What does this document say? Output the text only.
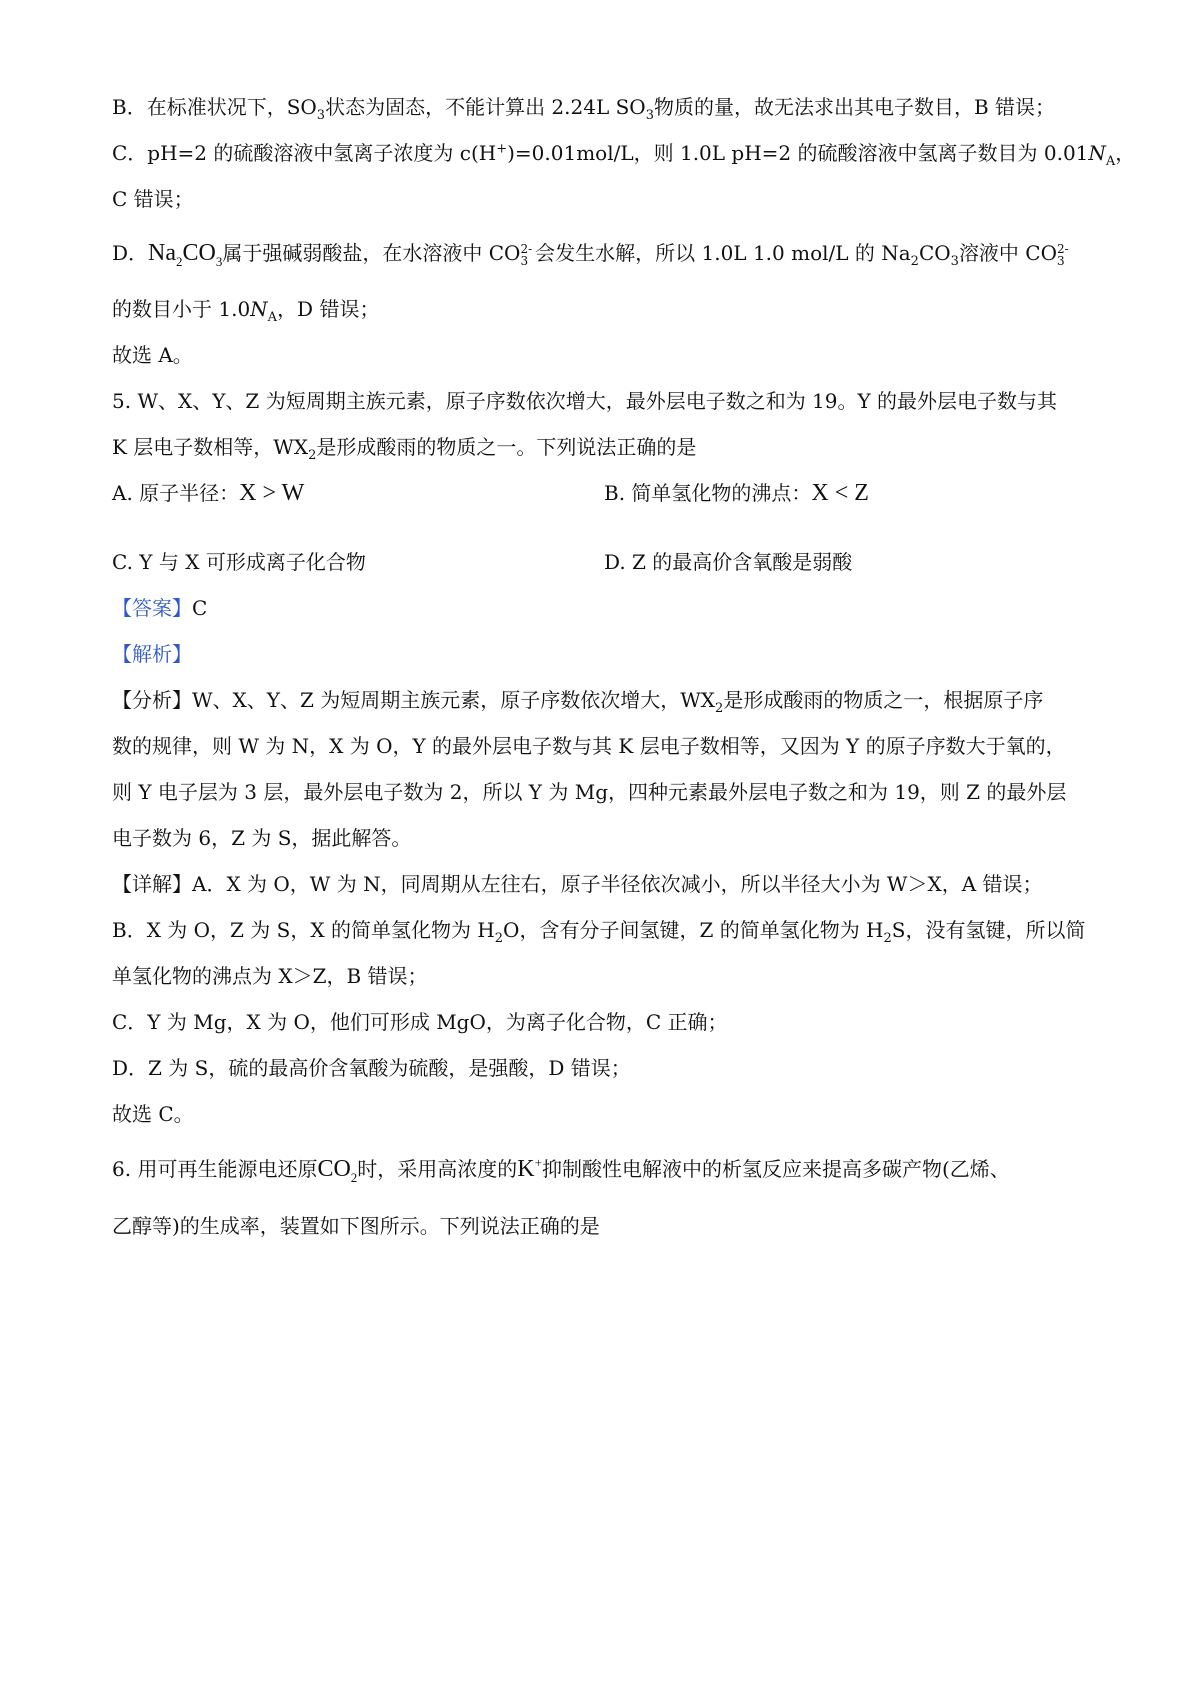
B．在标准状况下，$SO_3$状态为固态，不能计算出 2.24L $SO_3$物质的量，故无法求出其电子数目，B 错误；
C．pH=2 的硫酸溶液中氢离子浓度为 c(H+)=0.01mol/L，则 1.0L pH=2 的硫酸溶液中氢离子数目为 $0.01N_A$，
C 错误；
D．$Na_2CO_3$属于强碱弱酸盐，在水溶液中 CO 2-
3 会发生水解，所以 1.0L 1.0 mol/L 的 $Na_2CO_3$溶液中 CO 2-
3
的数目小于 $1.0N_A$，D 错误；
故选 A。
5. W、X、Y、Z 为短周期主族元素，原子序数依次增大，最外层电子数之和为 19。Y 的最外层电子数与其
K 层电子数相等，$WX_2$是形成酸雨的物质之一。下列说法正确的是
A. 原子半径：X > W	B. 简单氢化物的沸点：X < Z
C. Y 与 X 可形成离子化合物	D. Z 的最高价含氧酸是弱酸
【答案】C
【解析】
【分析】W、X、Y、Z 为短周期主族元素，原子序数依次增大，$WX_2$是形成酸雨的物质之一，根据原子序
数的规律，则 W 为 N，X 为 O，Y 的最外层电子数与其 K 层电子数相等，又因为 Y 的原子序数大于氧的，
则 Y 电子层为 3 层，最外层电子数为 2，所以 Y 为 Mg，四种元素最外层电子数之和为 19，则 Z 的最外层
电子数为 6，Z 为 S，据此解答。
【详解】A．X 为 O，W 为 N，同周期从左往右，原子半径依次减小，所以半径大小为 W＞X，A 错误；
B．X 为 O，Z 为 S，X 的简单氢化物为 $H_2O$，含有分子间氢键，Z 的简单氢化物为 $H_2S$，没有氢键，所以简
单氢化物的沸点为 X＞Z，B 错误；
C．Y 为 Mg，X 为 O，他们可形成 MgO，为离子化合物，C 正确；
D．Z 为 S，硫的最高价含氧酸为硫酸，是强酸，D 错误；
故选 C。
6. 用可再生能源电还原$CO_2$时，采用高浓度的K+抑制酸性电解液中的析氢反应来提高多碳产物(乙烯、
乙醇等)的生成率，装置如下图所示。下列说法正确的是
